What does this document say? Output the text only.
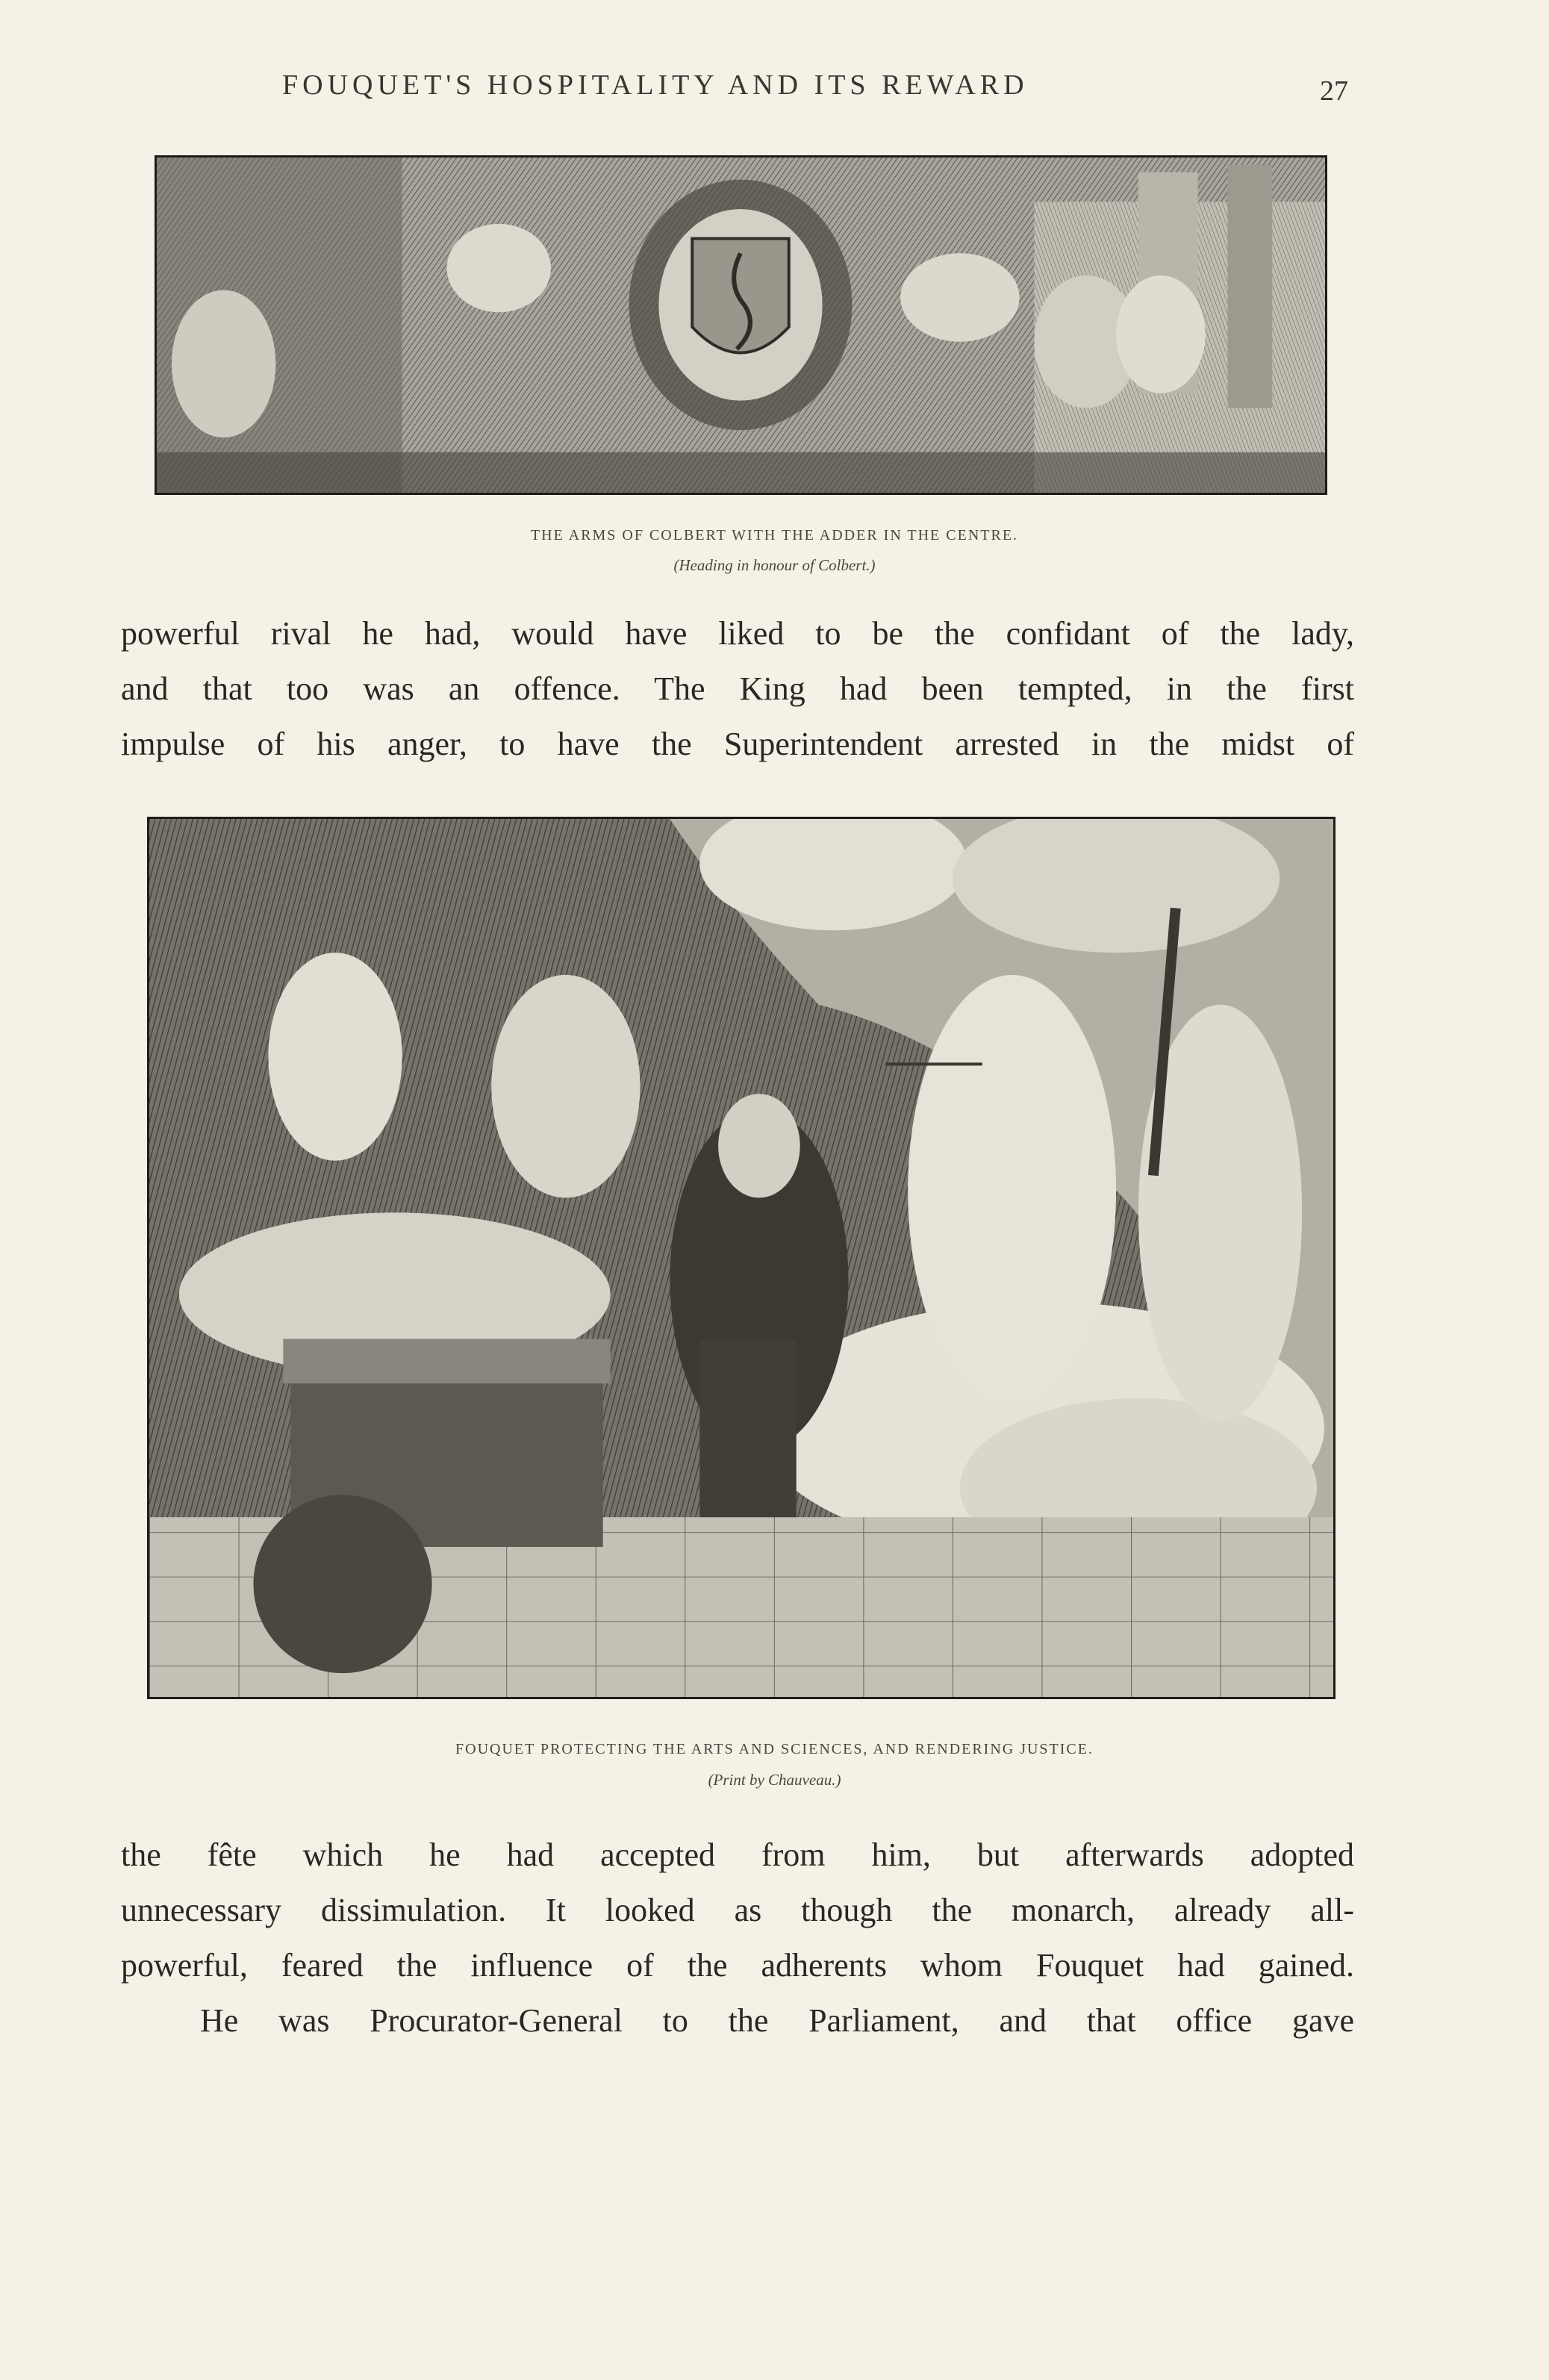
FOUQUET'S HOSPITALITY AND ITS REWARD	27
THE ARMS OF COLBERT WITH THE ADDER IN THE CENTRE.
(Heading in honour of Colbert.)
powerful rival he had, would have liked to be the confidant of the lady,
and that too was an offence. The King had been tempted, in the first
impulse of his anger, to have the Superintendent arrested in the midst of
FOUQUET PROTECTING THE ARTS AND SCIENCES, AND RENDERING JUSTICE.
(Print by Chauveau.)
the fête which he had accepted from him, but afterwards adopted
unnecessary dissimulation. It looked as though the monarch, already all-
powerful, feared the influence of the adherents whom Fouquet had gained.
He was Procurator-General to the Parliament, and that office gave
